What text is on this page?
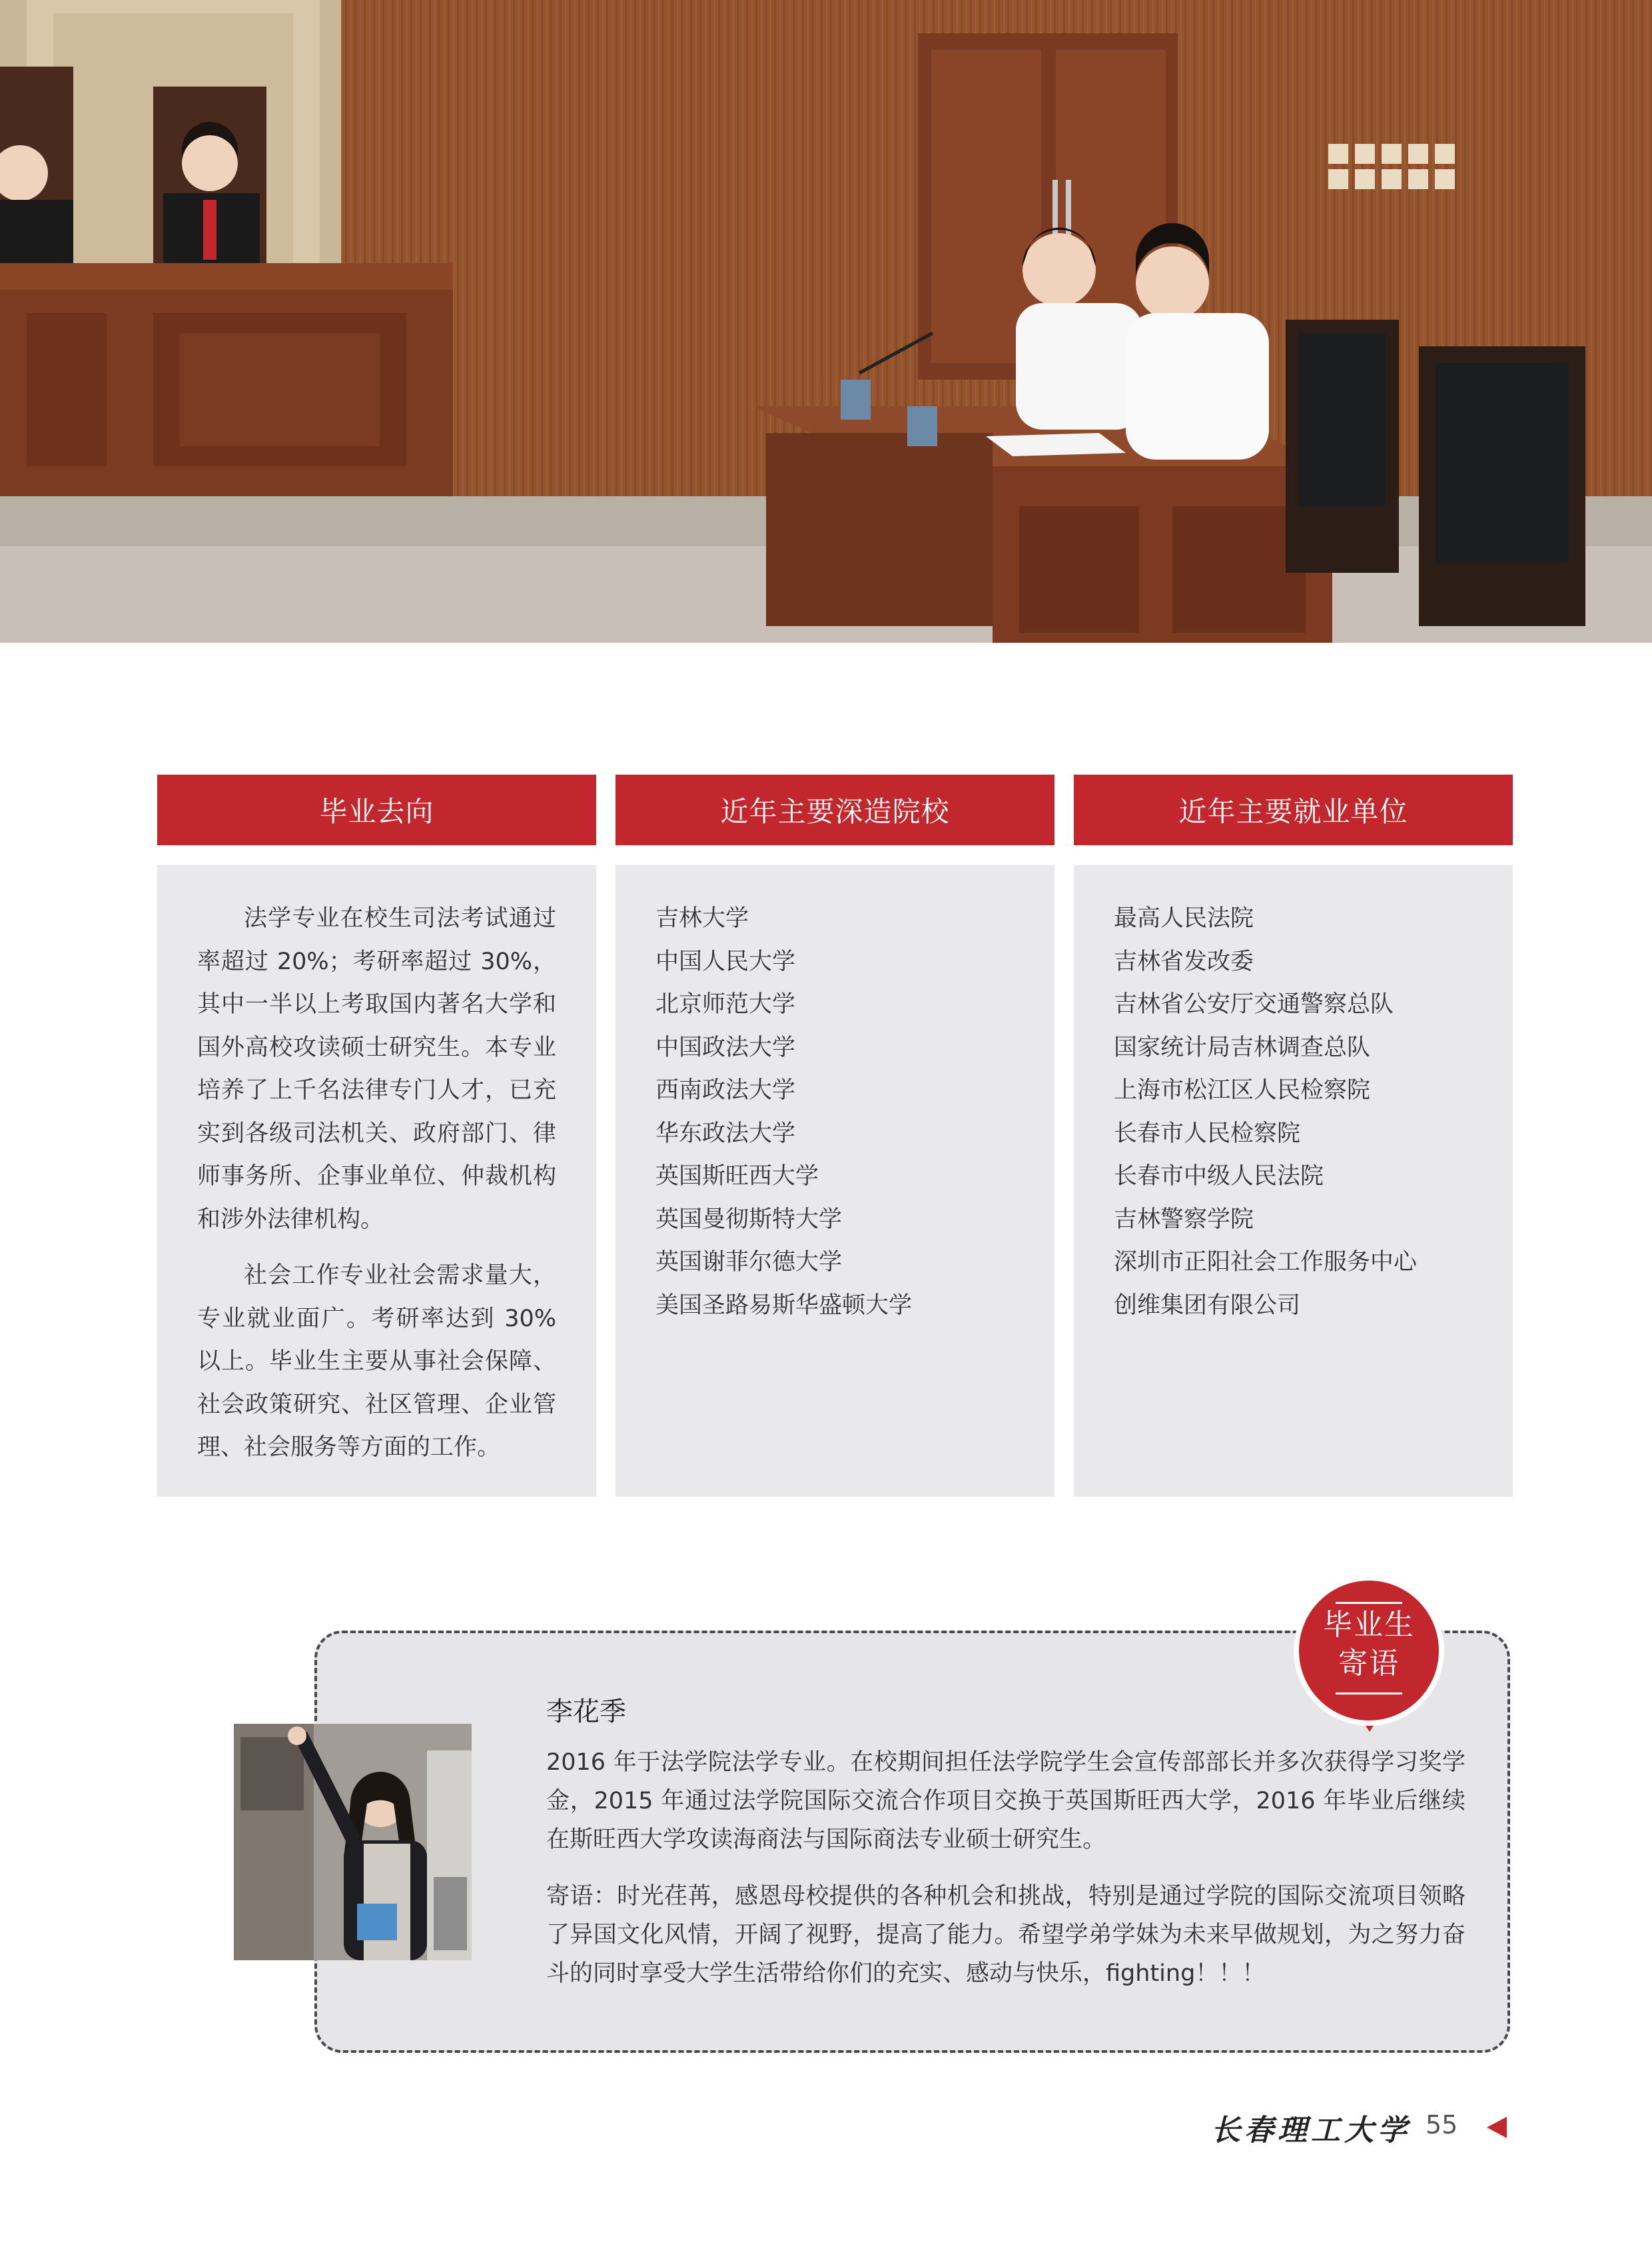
毕业去向

法学专业在校生司法考试通过率超过 20%；考研率超过 30%，其中一半以上考取国内著名大学和国外高校攻读硕士研究生。本专业培养了上千名法律专门人才，已充实到各级司法机关、政府部门、律师事务所、企事业单位、仲裁机构和涉外法律机构。

社会工作专业社会需求量大，专业就业面广。考研率达到 30%以上。毕业生主要从事社会保障、社会政策研究、社区管理、企业管理、社会服务等方面的工作。

近年主要深造院校
吉林大学
中国人民大学
北京师范大学
中国政法大学
西南政法大学
华东政法大学
英国斯旺西大学
英国曼彻斯特大学
英国谢菲尔德大学
美国圣路易斯华盛顿大学
近年主要就业单位
最高人民法院
吉林省发改委
吉林省公安厅交通警察总队
国家统计局吉林调查总队
上海市松江区人民检察院
长春市人民检察院
长春市中级人民法院
吉林警察学院
深圳市正阳社会工作服务中心
创维集团有限公司
李花季
2016 年于法学院法学专业。在校期间担任法学院学生会宣传部部长并多次获得学习奖学金，2015 年通过法学院国际交流合作项目交换于英国斯旺西大学，2016 年毕业后继续在斯旺西大学攻读海商法与国际商法专业硕士研究生。
寄语：时光荏苒，感恩母校提供的各种机会和挑战，特别是通过学院的国际交流项目领略了异国文化风情，开阔了视野，提高了能力。希望学弟学妹为未来早做规划，为之努力奋斗的同时享受大学生活带给你们的充实、感动与快乐，fighting！！！
毕业生
寄语
长春理工大学 55
